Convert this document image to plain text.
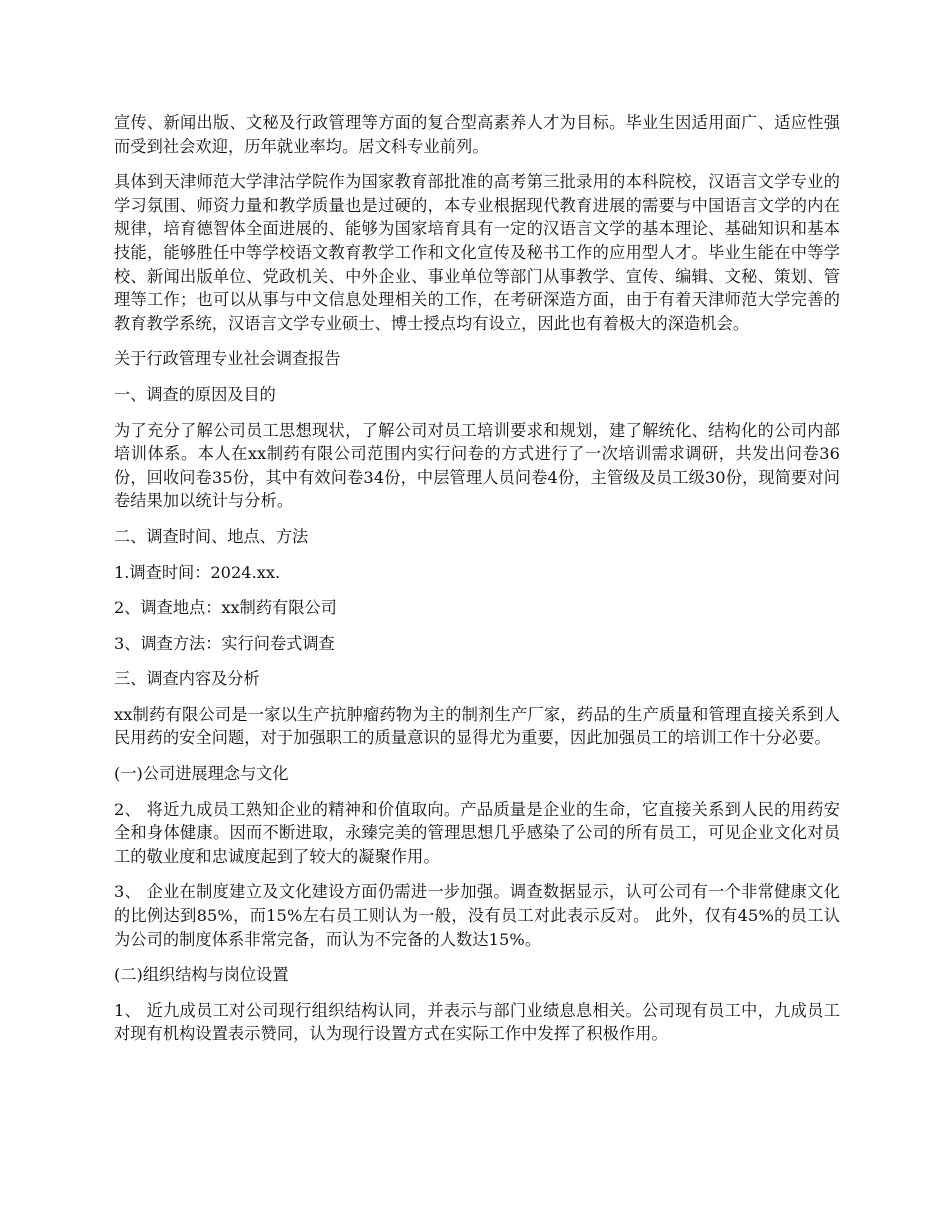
宣传、新闻出版、文秘及行政管理等方面的复合型高素养人才为目标。毕业生因适用面广、适应性强而受到社会欢迎，历年就业率均。居文科专业前列。

具体到天津师范大学津沽学院作为国家教育部批准的高考第三批录用的本科院校，汉语言文学专业的学习氛围、师资力量和教学质量也是过硬的，本专业根据现代教育进展的需要与中国语言文学的内在规律，培育德智体全面进展的、能够为国家培育具有一定的汉语言文学的基本理论、基础知识和基本技能，能够胜任中等学校语文教育教学工作和文化宣传及秘书工作的应用型人才。毕业生能在中等学校、新闻出版单位、党政机关、中外企业、事业单位等部门从事教学、宣传、编辑、文秘、策划、管理等工作；也可以从事与中文信息处理相关的工作，在考研深造方面，由于有着天津师范大学完善的教育教学系统，汉语言文学专业硕士、博士授点均有设立，因此也有着极大的深造机会。

关于行政管理专业社会调查报告

一、调查的原因及目的

为了充分了解公司员工思想现状，了解公司对员工培训要求和规划，建了解统化、结构化的公司内部培训体系。本人在xx制药有限公司范围内实行问卷的方式进行了一次培训需求调研，共发出问卷36份，回收问卷35份，其中有效问卷34份，中层管理人员问卷4份，主管级及员工级30份，现简要对问卷结果加以统计与分析。

二、调查时间、地点、方法

1.调查时间：2024.xx.

2、调查地点：xx制药有限公司

3、调查方法：实行问卷式调查

三、调查内容及分析

xx制药有限公司是一家以生产抗肿瘤药物为主的制剂生产厂家，药品的生产质量和管理直接关系到人民用药的安全问题，对于加强职工的质量意识的显得尤为重要，因此加强员工的培训工作十分必要。

(一)公司进展理念与文化

2、 将近九成员工熟知企业的精神和价值取向。产品质量是企业的生命，它直接关系到人民的用药安全和身体健康。因而不断进取，永臻完美的管理思想几乎感染了公司的所有员工，可见企业文化对员工的敬业度和忠诚度起到了较大的凝聚作用。

3、 企业在制度建立及文化建设方面仍需进一步加强。调查数据显示，认可公司有一个非常健康文化的比例达到85%，而15%左右员工则认为一般，没有员工对此表示反对。 此外，仅有45%的员工认为公司的制度体系非常完备，而认为不完备的人数达15%。

(二)组织结构与岗位设置

1、 近九成员工对公司现行组织结构认同，并表示与部门业绩息息相关。公司现有员工中，九成员工对现有机构设置表示赞同，认为现行设置方式在实际工作中发挥了积极作用。
